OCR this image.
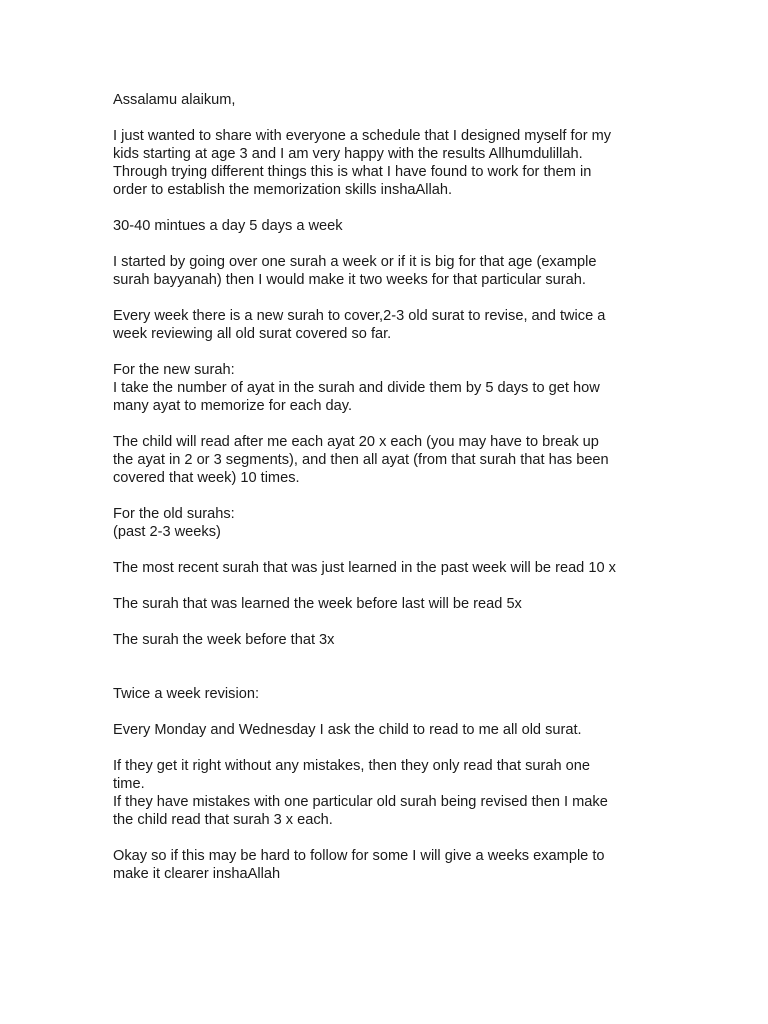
Assalamu alaikum,

I just wanted to share with everyone a schedule that I designed myself for my
kids starting at age 3 and I am very happy with the results Allhumdulillah.
Through trying different things this is what I have found to work for them in
order to establish the memorization skills inshaAllah.

30-40 mintues a day 5 days a week

I started by going over one surah a week or if it is big for that age (example
surah bayyanah) then I would make it two weeks for that particular surah.

Every week there is a new surah to cover,2-3 old surat to revise, and twice a
week reviewing all old surat covered so far.

For the new surah:
I take the number of ayat in the surah and divide them by 5 days to get how
many ayat to memorize for each day.

The child will read after me each ayat 20 x each (you may have to break up
the ayat in 2 or 3 segments), and then all ayat (from that surah that has been
covered that week) 10 times.

For the old surahs:
(past 2-3 weeks)

The most recent surah that was just learned in the past week will be read 10 x

The surah that was learned the week before last will be read 5x

The surah the week before that 3x

Twice a week revision:

Every Monday and Wednesday I ask the child to read to me all old surat.

If they get it right without any mistakes, then they only read that surah one
time.
If they have mistakes with one particular old surah being revised then I make
the child read that surah 3 x each.

Okay so if this may be hard to follow for some I will give a weeks example to
make it clearer inshaAllah
